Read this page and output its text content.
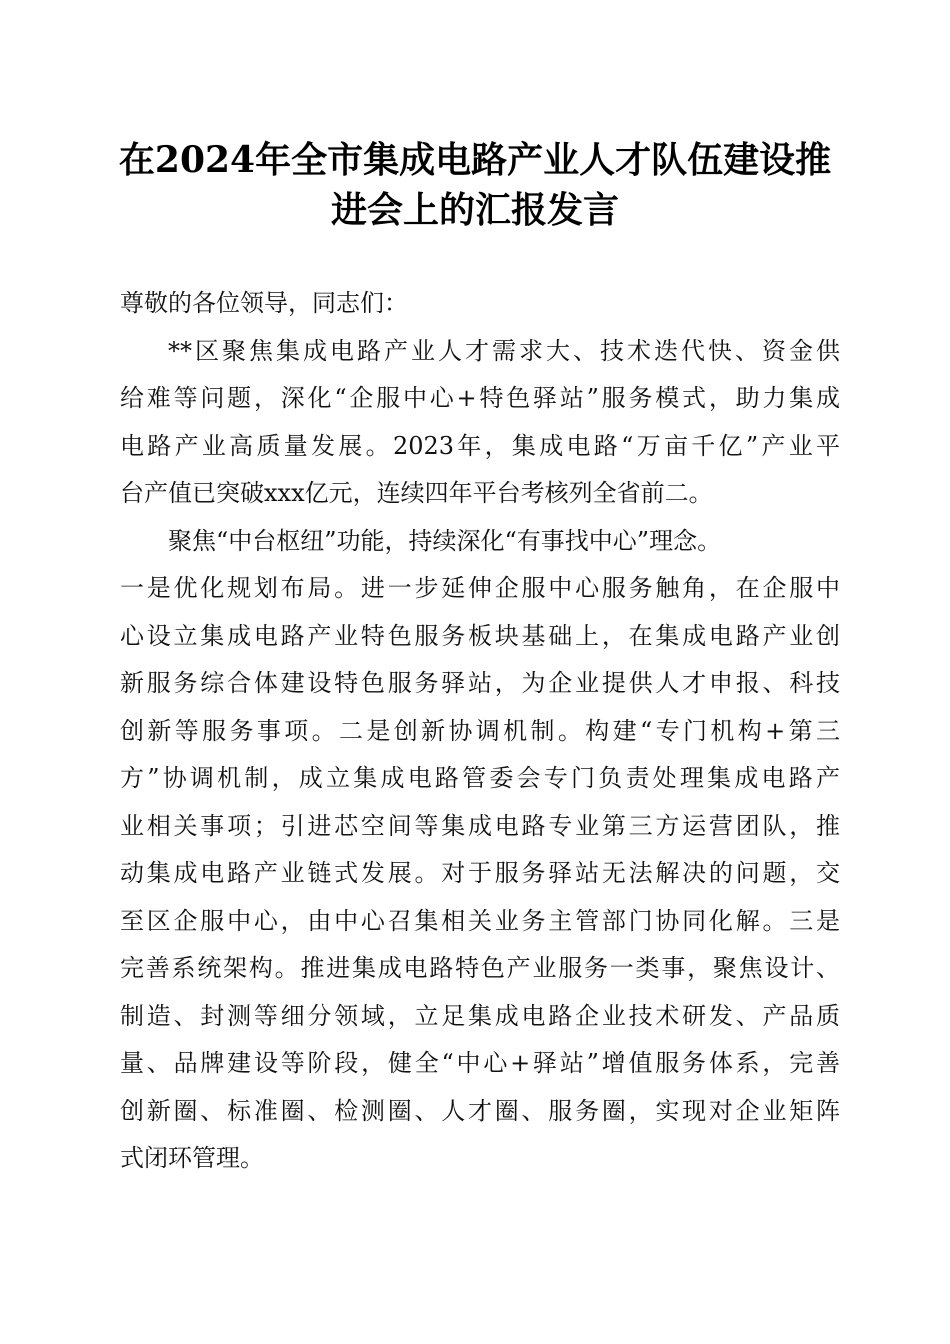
在2024年全市集成电路产业人才队伍建设推
进会上的汇报发言

尊敬的各位领导，同志们：

**区聚焦集成电路产业人才需求大、技术迭代快、资金供
给难等问题，深化“企服中心+特色驿站”服务模式，助力集成
电路产业高质量发展。2023年，集成电路“万亩千亿”产业平
台产值已突破xxx亿元，连续四年平台考核列全省前二。

聚焦“中台枢纽”功能，持续深化“有事找中心”理念。
一是优化规划布局。进一步延伸企服中心服务触角，在企服中
心设立集成电路产业特色服务板块基础上，在集成电路产业创
新服务综合体建设特色服务驿站，为企业提供人才申报、科技
创新等服务事项。二是创新协调机制。构建“专门机构+第三
方”协调机制，成立集成电路管委会专门负责处理集成电路产
业相关事项；引进芯空间等集成电路专业第三方运营团队，推
动集成电路产业链式发展。对于服务驿站无法解决的问题，交
至区企服中心，由中心召集相关业务主管部门协同化解。三是
完善系统架构。推进集成电路特色产业服务一类事，聚焦设计、
制造、封测等细分领域，立足集成电路企业技术研发、产品质
量、品牌建设等阶段，健全“中心+驿站”增值服务体系，完善
创新圈、标准圈、检测圈、人才圈、服务圈，实现对企业矩阵
式闭环管理。
